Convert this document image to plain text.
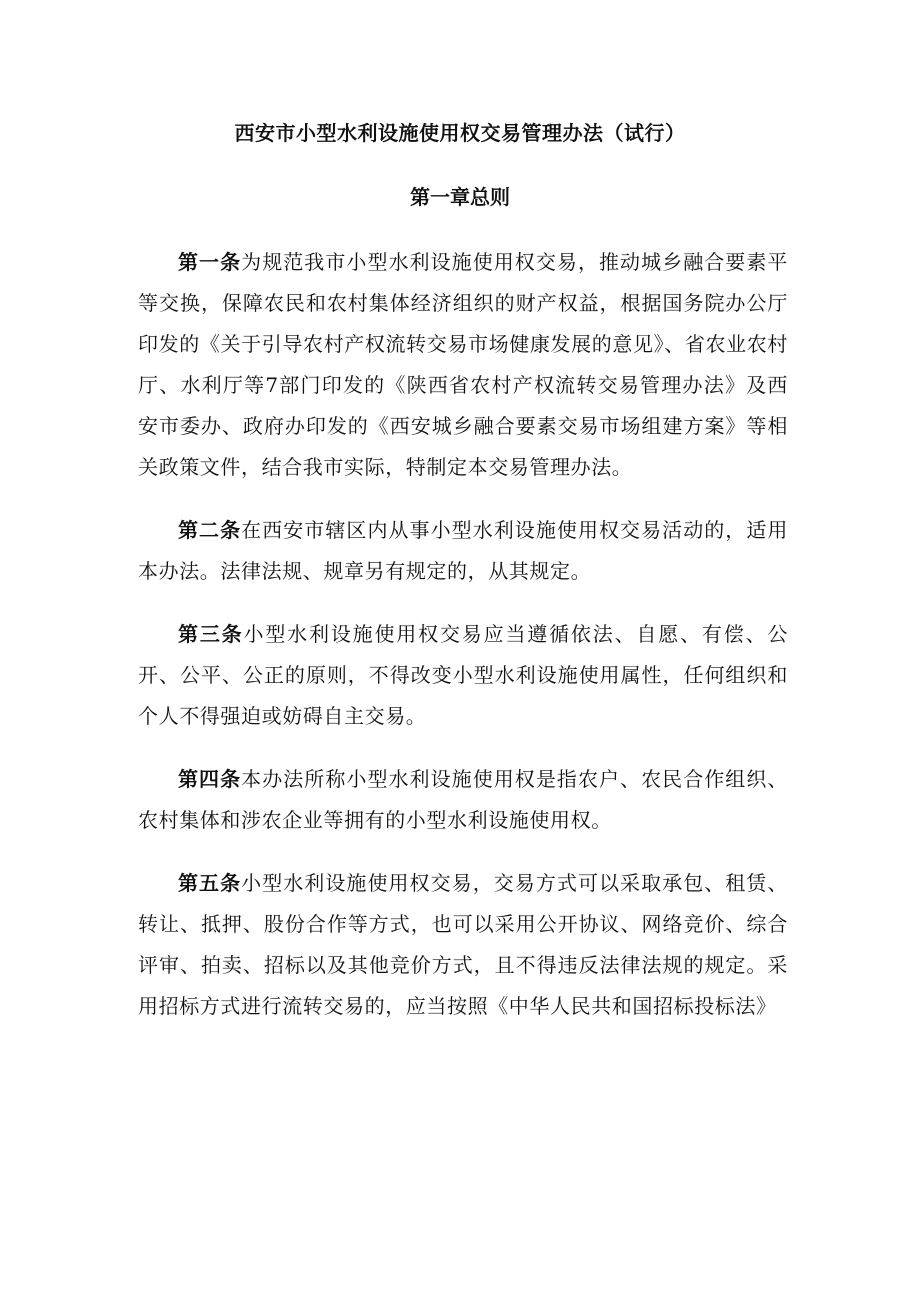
西安市小型水利设施使用权交易管理办法（试行）
第一章总则

第一条为规范我市小型水利设施使用权交易，推动城乡融合要素平等交换，保障农民和农村集体经济组织的财产权益，根据国务院办公厅印发的《关于引导农村产权流转交易市场健康发展的意见》、省农业农村厅、水利厅等7部门印发的《陕西省农村产权流转交易管理办法》及西安市委办、政府办印发的《西安城乡融合要素交易市场组建方案》等相关政策文件，结合我市实际，特制定本交易管理办法。

第二条在西安市辖区内从事小型水利设施使用权交易活动的，适用本办法。法律法规、规章另有规定的，从其规定。

第三条小型水利设施使用权交易应当遵循依法、自愿、有偿、公开、公平、公正的原则，不得改变小型水利设施使用属性，任何组织和个人不得强迫或妨碍自主交易。

第四条本办法所称小型水利设施使用权是指农户、农民合作组织、农村集体和涉农企业等拥有的小型水利设施使用权。

第五条小型水利设施使用权交易，交易方式可以采取承包、租赁、转让、抵押、股份合作等方式，也可以采用公开协议、网络竞价、综合评审、拍卖、招标以及其他竞价方式，且不得违反法律法规的规定。采用招标方式进行流转交易的，应当按照《中华人民共和国招标投标法》
